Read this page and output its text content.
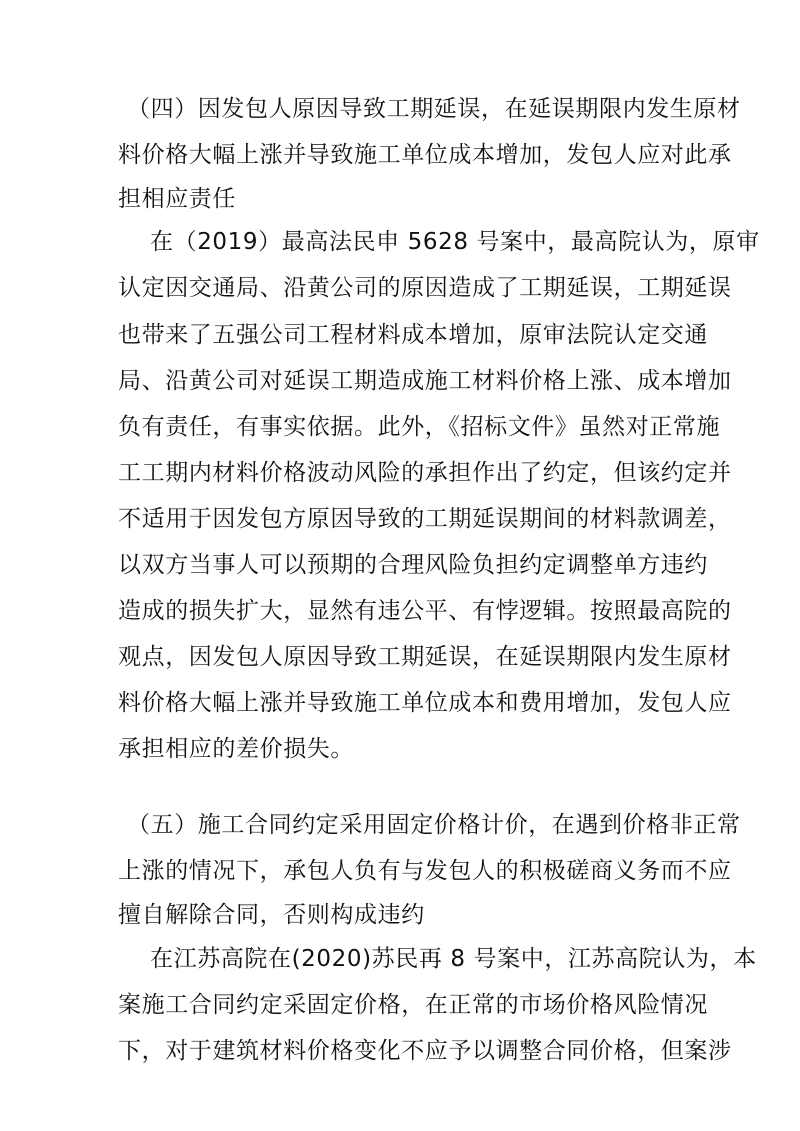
（四）因发包人原因导致工期延误，在延误期限内发生原材
料价格大幅上涨并导致施工单位成本增加，发包人应对此承
担相应责任
在（2019）最高法民申 5628 号案中，最高院认为，原审
认定因交通局、沿黄公司的原因造成了工期延误，工期延误
也带来了五强公司工程材料成本增加，原审法院认定交通
局、沿黄公司对延误工期造成施工材料价格上涨、成本增加
负有责任，有事实依据。此外，《招标文件》虽然对正常施
工工期内材料价格波动风险的承担作出了约定，但该约定并
不适用于因发包方原因导致的工期延误期间的材料款调差，
以双方当事人可以预期的合理风险负担约定调整单方违约
造成的损失扩大，显然有违公平、有悖逻辑。按照最高院的
观点，因发包人原因导致工期延误，在延误期限内发生原材
料价格大幅上涨并导致施工单位成本和费用增加，发包人应
承担相应的差价损失。
（五）施工合同约定采用固定价格计价，在遇到价格非正常
上涨的情况下，承包人负有与发包人的积极磋商义务而不应
擅自解除合同，否则构成违约
在江苏高院在(2020)苏民再 8 号案中，江苏高院认为，本
案施工合同约定采固定价格，在正常的市场价格风险情况
下，对于建筑材料价格变化不应予以调整合同价格，但案涉
